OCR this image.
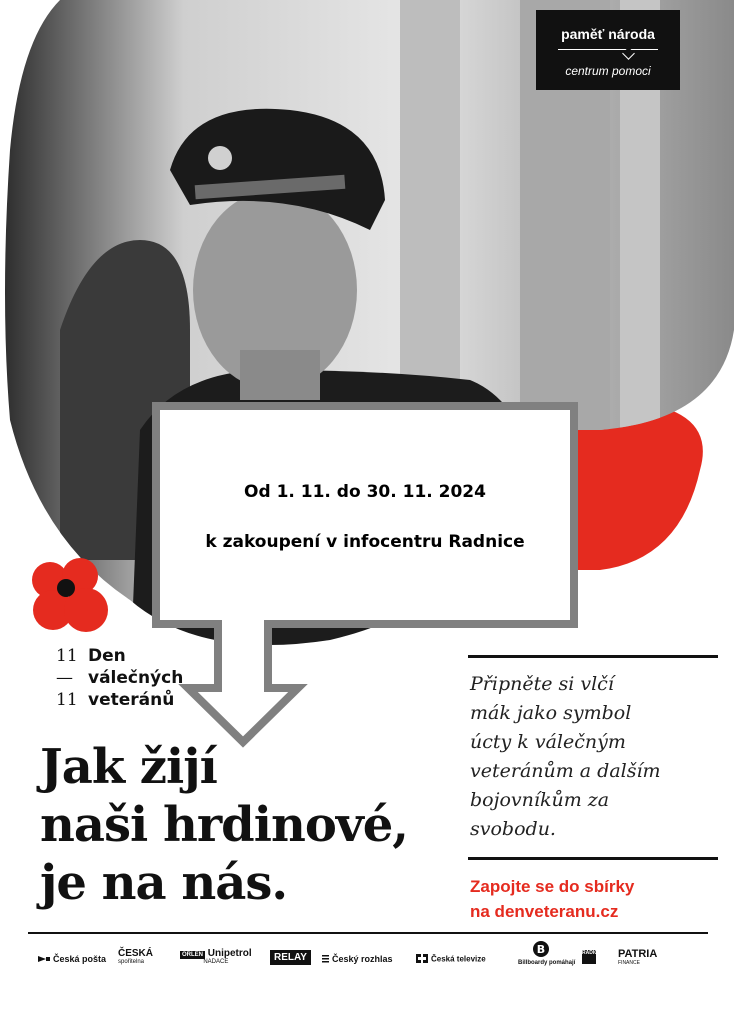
paměť národa
centrum pomoci
Od 1. 11. do 30. 11. 2024
k zakoupení v infocentru Radnice
11 Den
— válečných
11 veteránů
Jak žijí
naši hrdinové,
je na nás.
Připněte si vlčí
mák jako symbol
úcty k válečným
veteránům a dalším
bojovníkům za
svobodu.
Zapojte se do sbírky
na denveteranu.cz
Česká pošta ČESKÁ
spořitelna
ORLEN Unipetrol
NADACE	RELAY	Český rozhlas	Česká televize
B
Billboardy pomáhají
RADIO 1 PATRIA
FINANCE
